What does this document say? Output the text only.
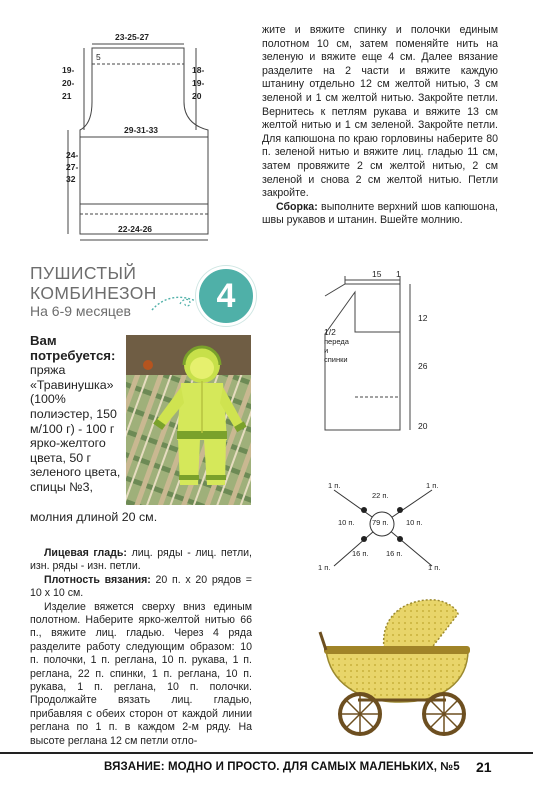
23-25-27
5
19-
20-
21
18-
19-
20
29-31-33
24-
27-
32
22-24-26

жите и вяжите спинку и полочки единым полотном 10 см, затем поменяйте нить на зеленую и вяжите еще 4 см. Далее вязание разделите на 2 части и вяжите каждую штанину отдельно 12 см желтой нитью, 3 см зеленой и 1 см желтой нитью. Закройте петли. Вернитесь к петлям рукава и вяжите 13 см желтой нитью и 1 см зеленой. Закройте петли. Для капюшона по краю горловины наберите 80 п. зеленой нитью и вяжите лиц. гладью 11 см, затем провяжите 2 см желтой нитью, 2 см зеленой и снова 2 см желтой нитью. Петли закройте.

Сборка: выполните верхний шов капюшона, швы рукавов и штанин. Вшейте молнию.

ПУШИСТЫЙ
КОМБИНЕЗОН
На 6-9 месяцев	4
Вам потребуется:
пряжа «Травинушка» (100% полиэстер, 150 м/100 г) - 100 г ярко-желтого цвета, 50 г зеленого цвета, спицы №3,
молния длиной 20 см.

Лицевая гладь: лиц. ряды - лиц. петли, изн. ряды - изн. петли.

Плотность вязания: 20 п. х 20 рядов = 10 х 10 см.

Изделие вяжется сверху вниз единым полотном. Наберите ярко-желтой нитью 66 п., вяжите лиц. гладью. Через 4 ряда разделите работу следующим образом: 10 п. полочки, 1 п. реглана, 10 п. рукава, 1 п. реглана, 22 п. спинки, 1 п. реглана, 10 п. рукава, 1 п. реглана, 10 п. полочки. Продолжайте вязать лиц. гладью, прибавляя с обеих сторон от каждой линии реглана по 1 п. в каждом 2-м ряду. На высоте реглана 12 см петли отло-

15 1
12
26
20
1/2
переда
и
спинки
79 п.
22 п.
10 п.	10 п.
16 п. 16 п.
1 п.	1 п.
1 п.	1 п.
ВЯЗАНИЕ: МОДНО И ПРОСТО. ДЛЯ САМЫХ МАЛЕНЬКИХ, №5 21
